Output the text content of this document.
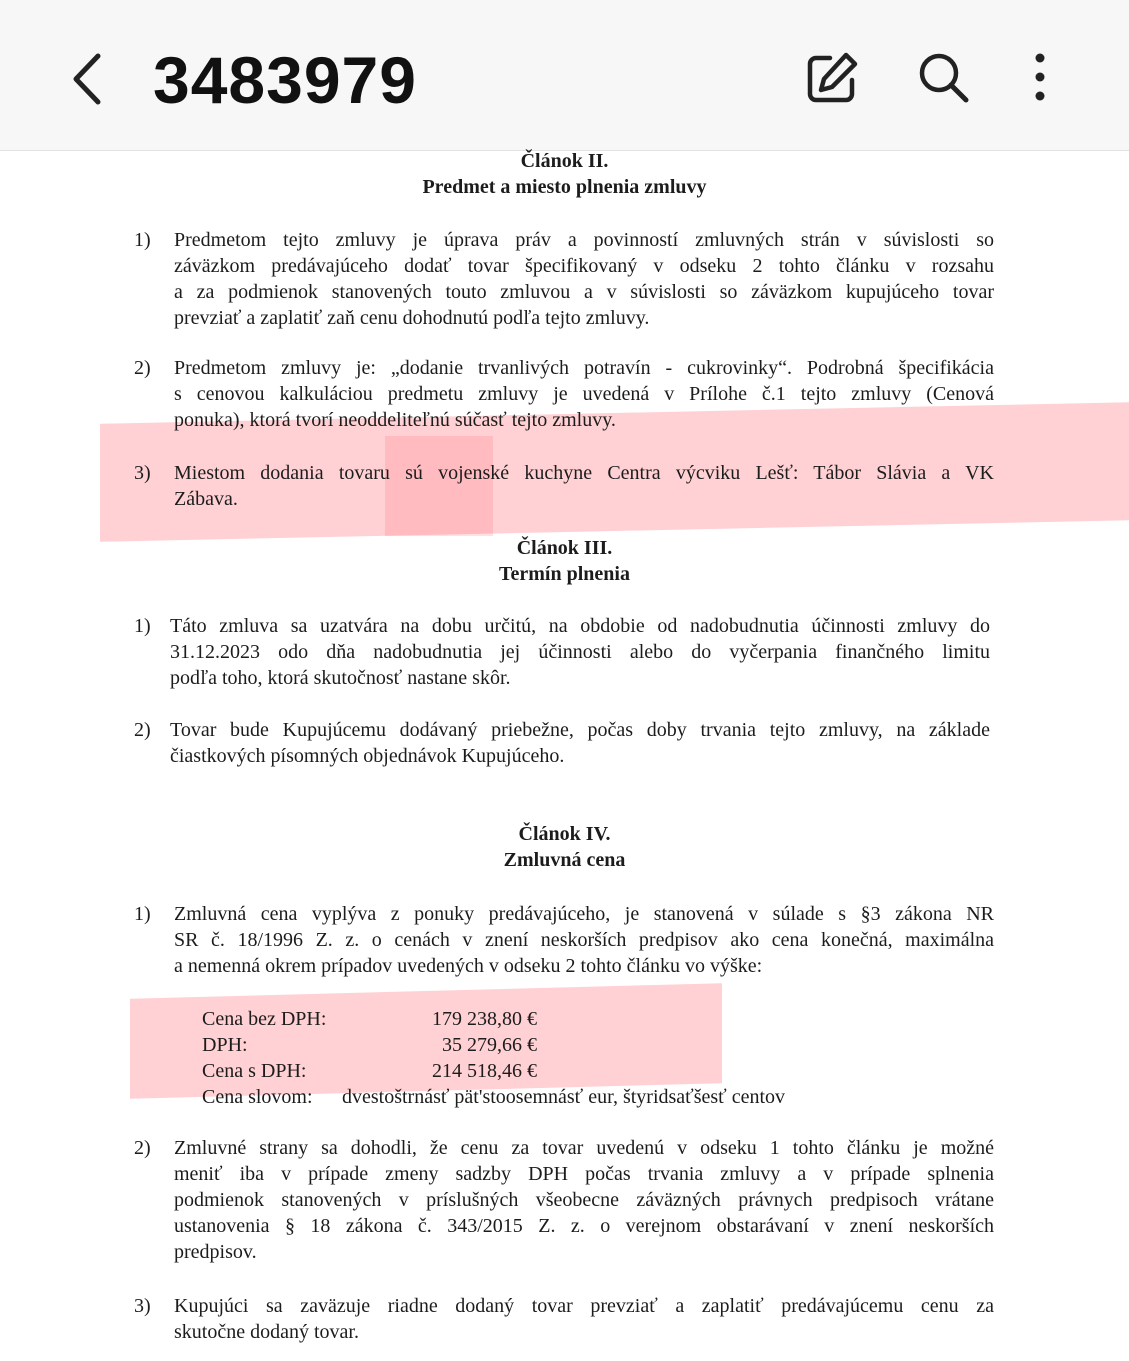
3483979
Článok II.
Predmet a miesto plnenia zmluvy
1)	Predmetom tejto zmluvy je úprava práv a povinností zmluvných strán v súvislosti so
záväzkom predávajúceho dodať tovar špecifikovaný v odseku 2 tohto článku v rozsahu
a za podmienok stanovených touto zmluvou a v súvislosti so záväzkom kupujúceho tovar
prevziať a zaplatiť zaň cenu dohodnutú podľa tejto zmluvy.
2)	Predmetom zmluvy je: „dodanie trvanlivých potravín - cukrovinky“. Podrobná špecifikácia
s cenovou kalkuláciou predmetu zmluvy je uvedená v Prílohe č.1 tejto zmluvy (Cenová
ponuka), ktorá tvorí neoddeliteľnú súčasť tejto zmluvy.
3)	Miestom dodania tovaru sú vojenské kuchyne Centra výcviku Lešť: Tábor Slávia a VK
Zábava.
Článok III.
Termín plnenia
1) Táto zmluva sa uzatvára na dobu určitú, na obdobie od nadobudnutia účinnosti zmluvy do
31.12.2023 odo dňa nadobudnutia jej účinnosti alebo do vyčerpania finančného limitu
podľa toho, ktorá skutočnosť nastane skôr.
2) Tovar bude Kupujúcemu dodávaný priebežne, počas doby trvania tejto zmluvy, na základe
čiastkových písomných objednávok Kupujúceho.
Článok IV.
Zmluvná cena
1)	Zmluvná cena vyplýva z ponuky predávajúceho, je stanovená v súlade s §3 zákona NR
SR č. 18/1996 Z. z. o cenách v znení neskorších predpisov ako cena konečná, maximálna
a nemenná okrem prípadov uvedených v odseku 2 tohto článku vo výške:
Cena bez DPH:	179 238,80 €
DPH:	35 279,66 €
Cena s DPH:	214 518,46 €
Cena slovom: dvestoštrnásť pät'stoosemnásť eur, štyridsaťšesť centov
2)	Zmluvné strany sa dohodli, že cenu za tovar uvedenú v odseku 1 tohto článku je možné
meniť iba v prípade zmeny sadzby DPH počas trvania zmluvy a v prípade splnenia
podmienok stanovených v príslušných všeobecne záväzných právnych predpisoch vrátane
ustanovenia § 18 zákona č. 343/2015 Z. z. o verejnom obstarávaní v znení neskorších
predpisov.
3)	Kupujúci sa zaväzuje riadne dodaný tovar prevziať a zaplatiť predávajúcemu cenu za
skutočne dodaný tovar.
